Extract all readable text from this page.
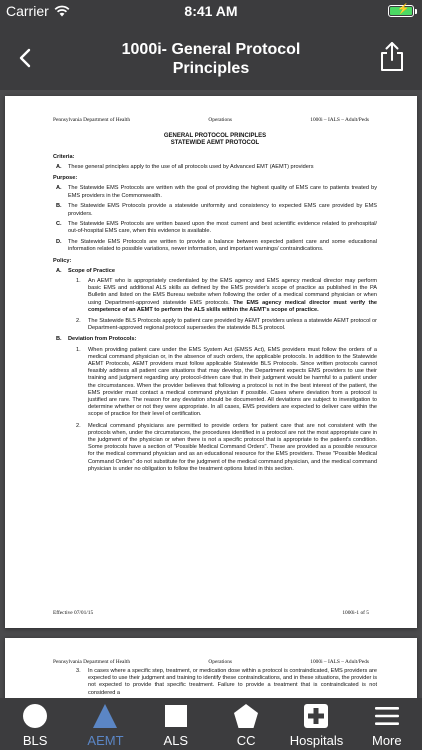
Carrier	8:41 AM	⚡
1000i- General Protocol
Principles
Pennsylvania Department of Health	Operations	1000i – IALS – Adult/Peds
GENERAL PROTOCOL PRINCIPLES
STATEWIDE AEMT PROTOCOL
Criteria:
A.	These general principles apply to the use of all protocols used by Advanced EMT (AEMT) providers
Purpose:
A.	The Statewide EMS Protocols are written with the goal of providing the highest quality of EMS care to patients treated by EMS providers in the Commonwealth.
B.	The Statewide EMS Protocols provide a statewide uniformity and consistency to expected EMS care provided by EMS providers.
C.	The Statewide EMS Protocols are written based upon the most current and best scientific evidence related to prehospital/ out-of-hospital EMS care, when this evidence is available.
D.	The Statewide EMS Protocols are written to provide a balance between expected patient care and some educational information related to possible variations, newer information, and important warnings/ contraindications.
Policy:
A.	Scope of Practice
1.	An AEMT who is appropriately credentialed by the EMS agency and EMS agency medical director may perform basic EMS and additional ALS skills as defined by the EMS provider's scope of practice as published in the PA Bulletin and listed on the EMS Bureau website when following the order of a medical command physician or when using Department-approved statewide EMS protocols. The EMS agency medical director must verify the competence of an AEMT to perform the ALS skills within the AEMT's scope of practice.
2.	The Statewide BLS Protocols apply to patient care provided by AEMT providers unless a statewide AEMT protocol or Department-approved regional protocol supersedes the statewide BLS protocol.
B.	Deviation from Protocols:
1.	When providing patient care under the EMS System Act (EMSS Act), EMS providers must follow the orders of a medical command physician or, in the absence of such orders, the applicable protocols. In addition to the Statewide AEMT Protocols, AEMT providers must follow applicable Statewide BLS Protocols. Since written protocols cannot feasibly address all patient care situations that may develop, the Department expects EMS providers to use their training and judgment regarding any protocol-driven care that in their judgment would be harmful to a patient under the circumstances. When the provider believes that following a protocol is not in the best interest of the patient, the EMS provider must contact a medical command physician if possible. Cases where deviation from a protocol is justified are rare. The reason for any deviation should be documented. All deviations are subject to investigation to determine whether or not they were appropriate. In all cases, EMS providers are expected to deliver care within the scope of practice for their level of certification.
2.	Medical command physicians are permitted to provide orders for patient care that are not consistent with the protocols when, under the circumstances, the procedures identified in a protocol are not the most appropriate care in the judgment of the physician or when there is not a specific protocol that is appropriate to the patient's condition. Some protocols have a section of "Possible Medical Command Orders". These are provided as a possible resource for the medical command physician and as an educational resource for the EMS providers. These "Possible Medical Command Orders" do not substitute for the judgment of the medical command physician, and the medical command physician is under no obligation to follow the treatment options listed in this section.
Effective 07/01/15	1000i-1 of 5
Pennsylvania Department of Health	Operations	1000i – IALS – Adult/Peds
3.	In cases where a specific step, treatment, or medication dose within a protocol is contraindicated, EMS providers are expected to use their judgment and training to identify these contraindications, and in these situations, the provider is not expected to provide that specific treatment. Failure to provide a treatment that is contraindicated is not considered a
BLS	AEMT	ALS	CC	Hospitals	More
